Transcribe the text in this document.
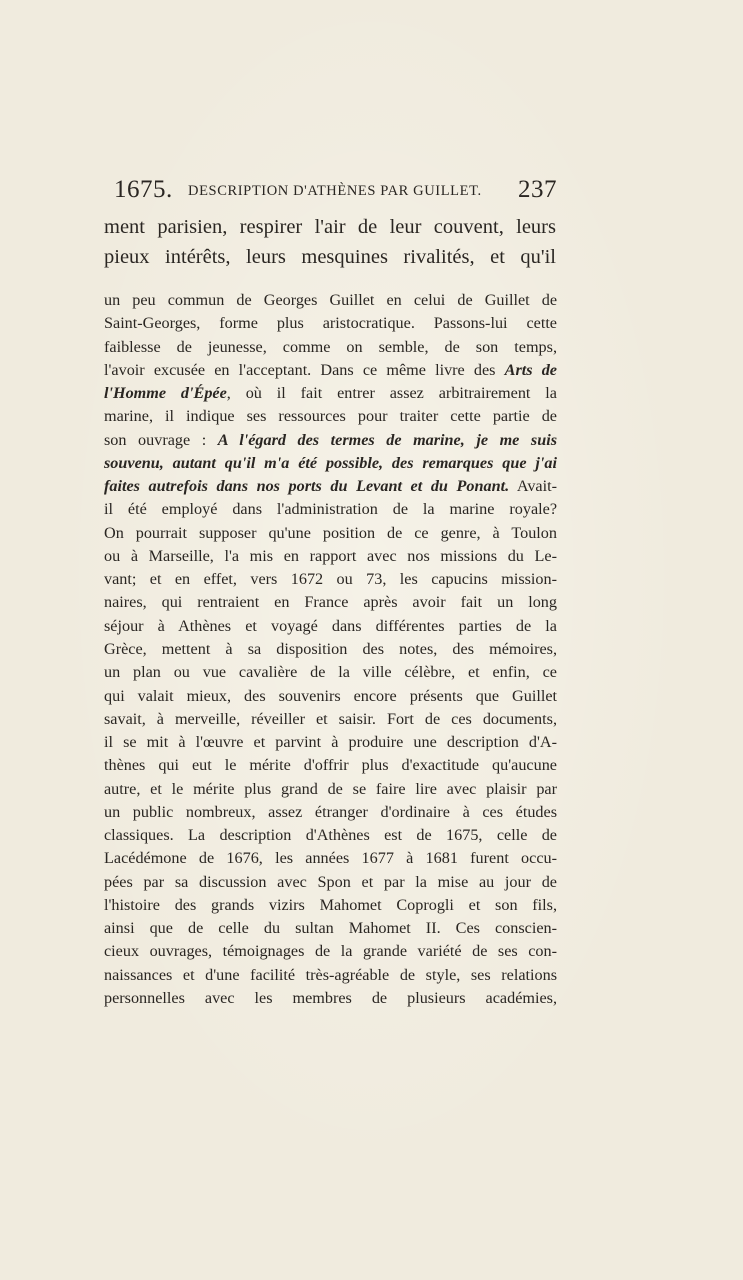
1675. DESCRIPTION D'ATHÈNES PAR GUILLET. 237
ment parisien, respirer l'air de leur couvent, leurs
pieux intérêts, leurs mesquines rivalités, et qu'il
un peu commun de Georges Guillet en celui de Guillet de
Saint-Georges, forme plus aristocratique. Passons-lui cette
faiblesse de jeunesse, comme on semble, de son temps,
l'avoir excusée en l'acceptant. Dans ce même livre des Arts de
l'Homme d'Épée, où il fait entrer assez arbitrairement la
marine, il indique ses ressources pour traiter cette partie de
son ouvrage : A l'égard des termes de marine, je me suis
souvenu, autant qu'il m'a été possible, des remarques que j'ai
faites autrefois dans nos ports du Levant et du Ponant. Avait-
il été employé dans l'administration de la marine royale?
On pourrait supposer qu'une position de ce genre, à Toulon
ou à Marseille, l'a mis en rapport avec nos missions du Le-
vant; et en effet, vers 1672 ou 73, les capucins mission-
naires, qui rentraient en France après avoir fait un long
séjour à Athènes et voyagé dans différentes parties de la
Grèce, mettent à sa disposition des notes, des mémoires,
un plan ou vue cavalière de la ville célèbre, et enfin, ce
qui valait mieux, des souvenirs encore présents que Guillet
savait, à merveille, réveiller et saisir. Fort de ces documents,
il se mit à l'œuvre et parvint à produire une description d'A-
thènes qui eut le mérite d'offrir plus d'exactitude qu'aucune
autre, et le mérite plus grand de se faire lire avec plaisir par
un public nombreux, assez étranger d'ordinaire à ces études
classiques. La description d'Athènes est de 1675, celle de
Lacédémone de 1676, les années 1677 à 1681 furent occu-
pées par sa discussion avec Spon et par la mise au jour de
l'histoire des grands vizirs Mahomet Coprogli et son fils,
ainsi que de celle du sultan Mahomet II. Ces conscien-
cieux ouvrages, témoignages de la grande variété de ses con-
naissances et d'une facilité très-agréable de style, ses relations
personnelles avec les membres de plusieurs académies,
